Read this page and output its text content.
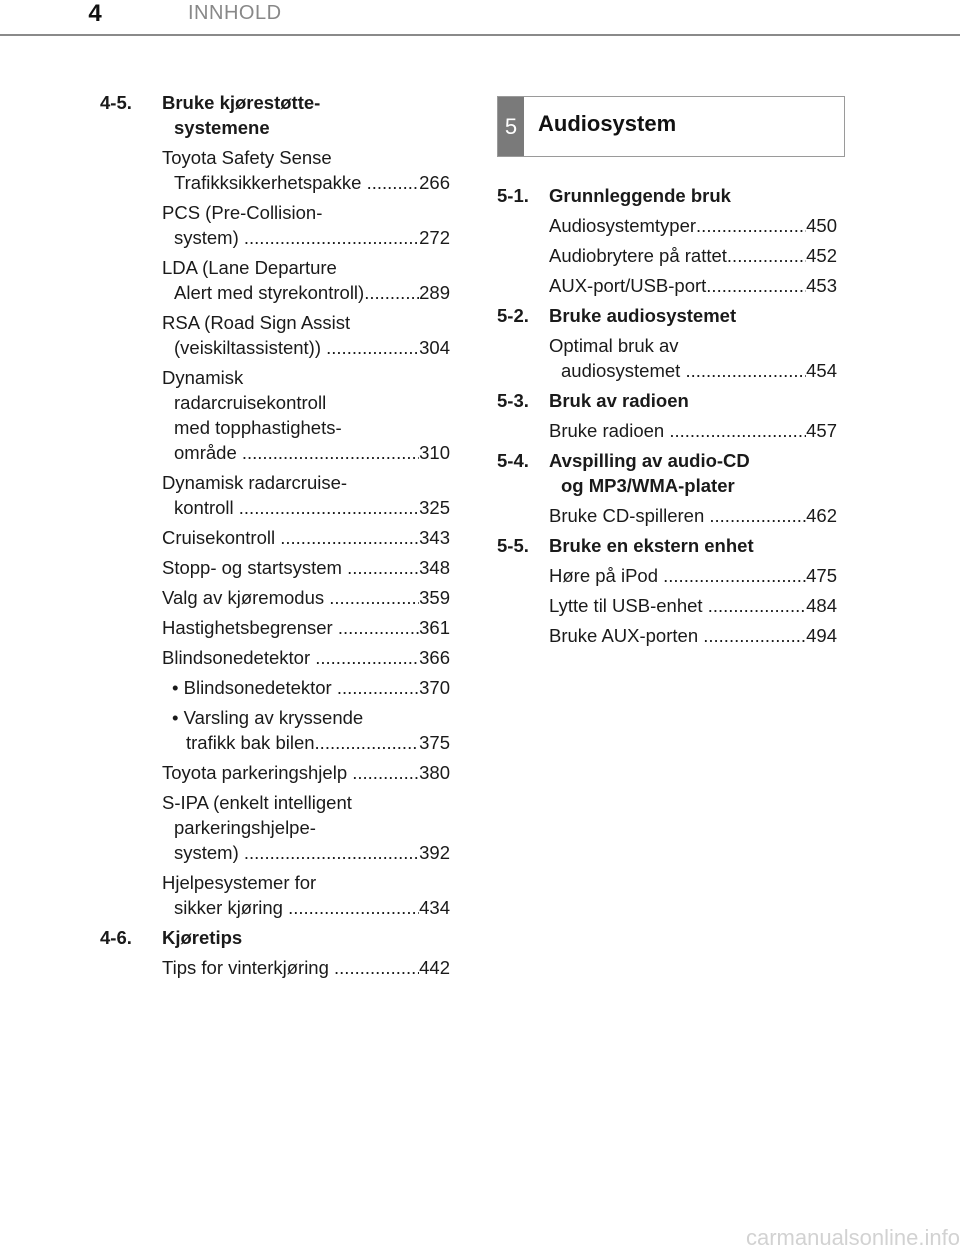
4	INNHOLD
4-5.	Bruke kjørestøtte-

systemene
Toyota Safety Sense
Trafikksikkerhetspakke .....	266
PCS (Pre-Collision-
system) .....	272
LDA (Lane Departure
Alert med styrekontroll) .....	289
RSA (Road Sign Assist
(veiskiltassistent)) .....	304
Dynamisk
radarcruisekontroll
med topphastighets-
område .....	310
Dynamisk radarcruise-
kontroll .....	325
Cruisekontroll .....	343
Stopp- og startsystem .....	348
Valg av kjøremodus .....	359
Hastighetsbegrenser .....	361
Blindsonedetektor .....	366
• Blindsonedetektor .....	370
• Varsling av kryssende
trafikk bak bilen .....	375
Toyota parkeringshjelp .....	380
S-IPA (enkelt intelligent
parkeringshjelpe-
system) .....	392
Hjelpesystemer for
sikker kjøring .....	434
4-6.	Kjøretips
Tips for vinterkjøring .....	442
5 Audiosystem
5-1.	Grunnleggende bruk
Audiosystemtyper .....	450
Audiobrytere på rattet .....	452
AUX-port/USB-port .....	453
5-2.	Bruke audiosystemet
Optimal bruk av
audiosystemet .....	454
5-3.	Bruk av radioen
Bruke radioen .....	457
5-4.	Avspilling av audio-CD

og MP3/WMA-plater
Bruke CD-spilleren .....	462
5-5.	Bruke en ekstern enhet
Høre på iPod .....	475
Lytte til USB-enhet .....	484
Bruke AUX-porten .....	494
carmanualsonline.info
